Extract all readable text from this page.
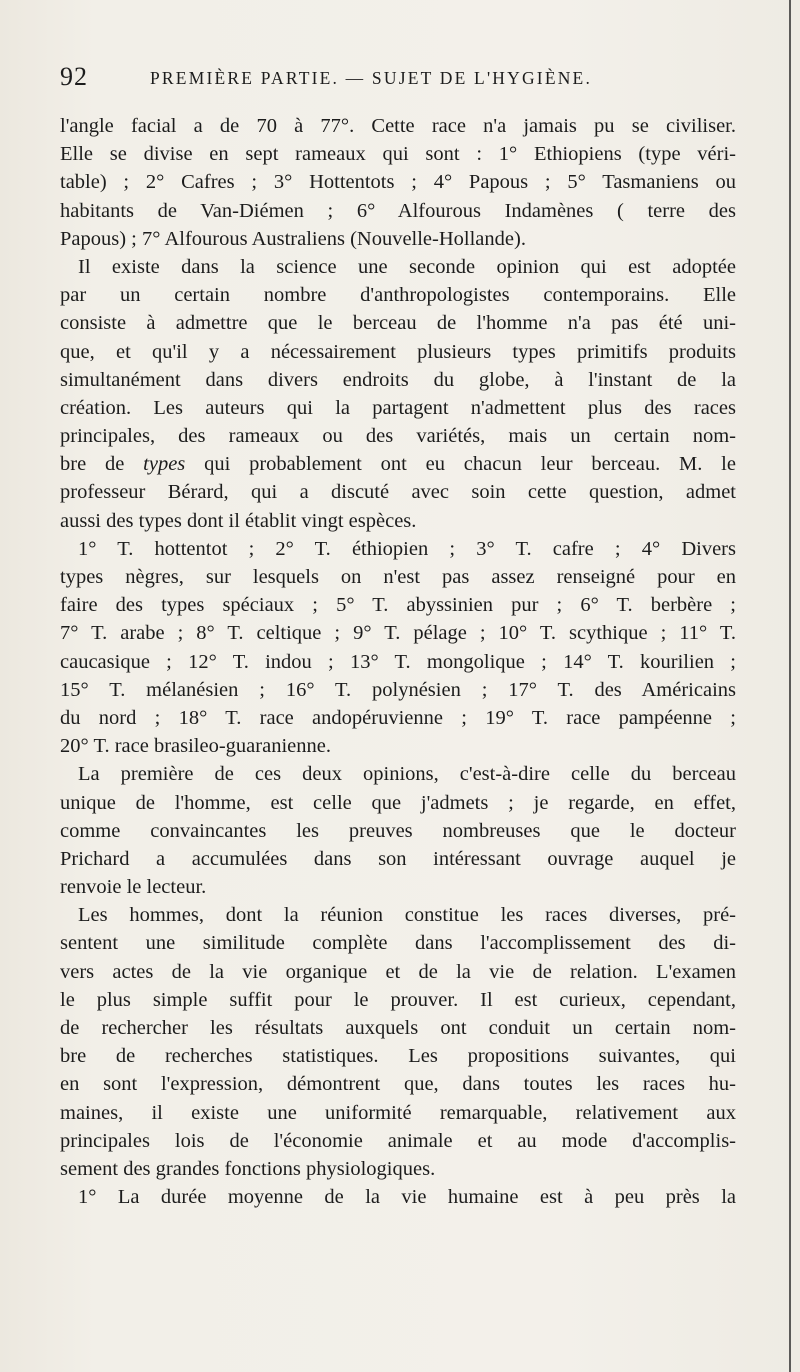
92	PREMIÈRE PARTIE. — SUJET DE L'HYGIÈNE.
l'angle facial a de 70 à 77°. Cette race n'a jamais pu se civiliser.
Elle se divise en sept rameaux qui sont : 1° Ethiopiens (type véri-
table) ; 2° Cafres ; 3° Hottentots ; 4° Papous ; 5° Tasmaniens ou
habitants de Van-Diémen ; 6° Alfourous Indamènes ( terre des
Papous) ; 7° Alfourous Australiens (Nouvelle-Hollande).
Il existe dans la science une seconde opinion qui est adoptée
par un certain nombre d'anthropologistes contemporains. Elle
consiste à admettre que le berceau de l'homme n'a pas été uni-
que, et qu'il y a nécessairement plusieurs types primitifs produits
simultanément dans divers endroits du globe, à l'instant de la
création. Les auteurs qui la partagent n'admettent plus des races
principales, des rameaux ou des variétés, mais un certain nom-
bre de types qui probablement ont eu chacun leur berceau. M. le
professeur Bérard, qui a discuté avec soin cette question, admet
aussi des types dont il établit vingt espèces.
1° T. hottentot ; 2° T. éthiopien ; 3° T. cafre ; 4° Divers
types nègres, sur lesquels on n'est pas assez renseigné pour en
faire des types spéciaux ; 5° T. abyssinien pur ; 6° T. berbère ;
7° T. arabe ; 8° T. celtique ; 9° T. pélage ; 10° T. scythique ; 11° T.
caucasique ; 12° T. indou ; 13° T. mongolique ; 14° T. kourilien ;
15° T. mélanésien ; 16° T. polynésien ; 17° T. des Américains
du nord ; 18° T. race andopéruvienne ; 19° T. race pampéenne ;
20° T. race brasileo-guaranienne.
La première de ces deux opinions, c'est-à-dire celle du berceau
unique de l'homme, est celle que j'admets ; je regarde, en effet,
comme convaincantes les preuves nombreuses que le docteur
Prichard a accumulées dans son intéressant ouvrage auquel je
renvoie le lecteur.
Les hommes, dont la réunion constitue les races diverses, pré-
sentent une similitude complète dans l'accomplissement des di-
vers actes de la vie organique et de la vie de relation. L'examen
le plus simple suffit pour le prouver. Il est curieux, cependant,
de rechercher les résultats auxquels ont conduit un certain nom-
bre de recherches statistiques. Les propositions suivantes, qui
en sont l'expression, démontrent que, dans toutes les races hu-
maines, il existe une uniformité remarquable, relativement aux
principales lois de l'économie animale et au mode d'accomplis-
sement des grandes fonctions physiologiques.
1° La durée moyenne de la vie humaine est à peu près la
